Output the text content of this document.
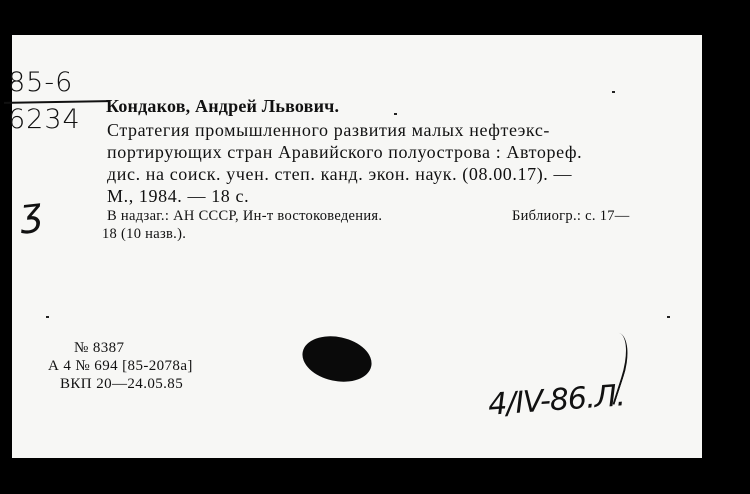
85-6
6234
ʒ
Кондаков, Андрей Львович.
Стратегия промышленного развития малых нефтеэкс-
портирующих стран Аравийского полуострова : Автореф.
дис. на соиск. учен. степ. канд. экон. наук. (08.00.17). —
М., 1984. — 18 с.
В надзаг.: АН СССР, Ин-т востоковедения.	Библиогр.: с. 17—
18 (10 назв.).
№ 8387
А 4 № 694 [85-2078а]
ВКП 20—24.05.85	4/IV-86.Л.
